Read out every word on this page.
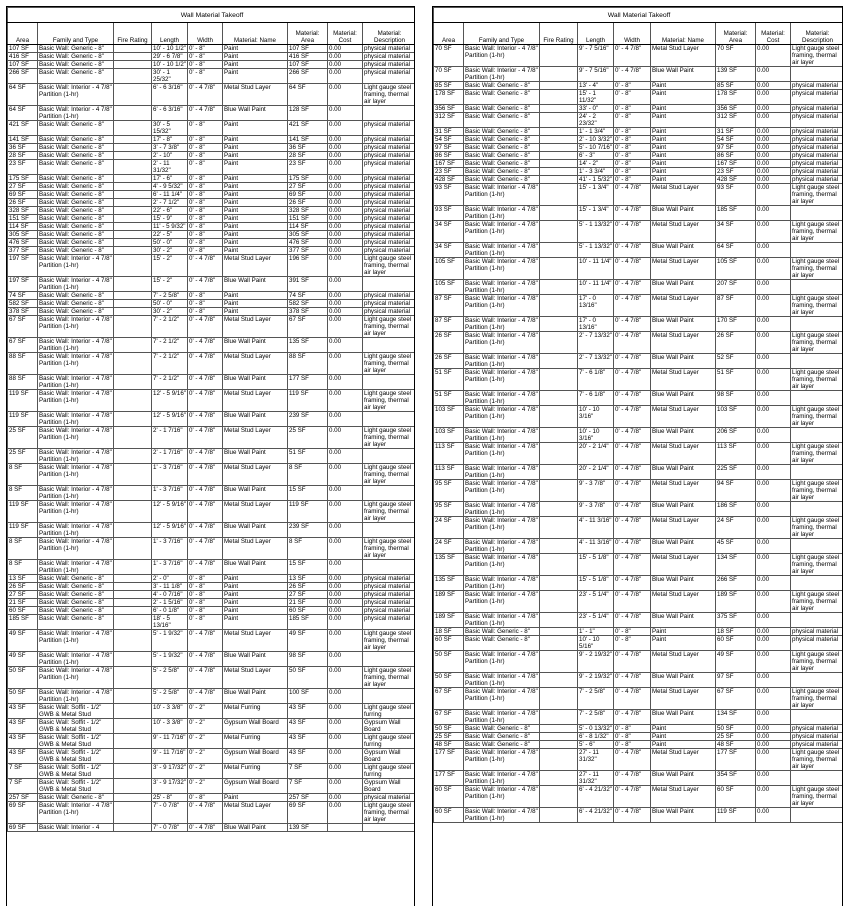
Wall Material Takeoff								
Area	Family and Type	Fire Rating	Length	Width	Material: Name	Material: Area	Material: Cost	Material: Description
107 SF	Basic Wall: Generic - 8"		10' - 10 1/2"	0' - 8"	Paint	107 SF	0.00	physical material
416 SF	Basic Wall: Generic - 8"		29' - 6 7/8"	0' - 8"	Paint	416 SF	0.00	physical material
107 SF	Basic Wall: Generic - 8"		10' - 10 1/2"	0' - 8"	Paint	107 SF	0.00	physical material
266 SF	Basic Wall: Generic - 8"		30' - 1 25/32"	0' - 8"	Paint	266 SF	0.00	physical material
64 SF	Basic Wall: Interior - 4 7/8" Partition (1-hr)		6' - 6 3/16"	0' - 4 7/8"	Metal Stud Layer	64 SF	0.00	Light gauge steel framing, thermal air layer
64 SF	Basic Wall: Interior - 4 7/8" Partition (1-hr)		6' - 6 3/16"	0' - 4 7/8"	Blue Wall Paint	128 SF	0.00	
421 SF	Basic Wall: Generic - 8"		30' - 5 15/32"	0' - 8"	Paint	421 SF	0.00	physical material
141 SF	Basic Wall: Generic - 8"		17' - 8"	0' - 8"	Paint	141 SF	0.00	physical material
36 SF	Basic Wall: Generic - 8"		3' - 7 3/8"	0' - 8"	Paint	36 SF	0.00	physical material
28 SF	Basic Wall: Generic - 8"		2' - 10"	0' - 8"	Paint	28 SF	0.00	physical material
23 SF	Basic Wall: Generic - 8"		2' - 11 31/32"	0' - 8"	Paint	23 SF	0.00	physical material
175 SF	Basic Wall: Generic - 8"		17' - 6"	0' - 8"	Paint	175 SF	0.00	physical material
27 SF	Basic Wall: Generic - 8"		4' - 9 5/32"	0' - 8"	Paint	27 SF	0.00	physical material
69 SF	Basic Wall: Generic - 8"		6' - 11 1/4"	0' - 8"	Paint	69 SF	0.00	physical material
26 SF	Basic Wall: Generic - 8"		2' - 7 1/2"	0' - 8"	Paint	26 SF	0.00	physical material
328 SF	Basic Wall: Generic - 8"		22' - 6"	0' - 8"	Paint	328 SF	0.00	physical material
151 SF	Basic Wall: Generic - 8"		15' - 9"	0' - 8"	Paint	151 SF	0.00	physical material
114 SF	Basic Wall: Generic - 8"		11' - 5 9/32"	0' - 8"	Paint	114 SF	0.00	physical material
305 SF	Basic Wall: Generic - 8"		22' - 5"	0' - 8"	Paint	305 SF	0.00	physical material
476 SF	Basic Wall: Generic - 8"		50' - 0"	0' - 8"	Paint	476 SF	0.00	physical material
377 SF	Basic Wall: Generic - 8"		30' - 2"	0' - 8"	Paint	377 SF	0.00	physical material
197 SF	Basic Wall: Interior - 4 7/8" Partition (1-hr)		15' - 2"	0' - 4 7/8"	Metal Stud Layer	196 SF	0.00	Light gauge steel framing, thermal air layer
197 SF	Basic Wall: Interior - 4 7/8" Partition (1-hr)		15' - 2"	0' - 4 7/8"	Blue Wall Paint	391 SF	0.00	
74 SF	Basic Wall: Generic - 8"		7' - 2 5/8"	0' - 8"	Paint	74 SF	0.00	physical material
582 SF	Basic Wall: Generic - 8"		50' - 0"	0' - 8"	Paint	582 SF	0.00	physical material
378 SF	Basic Wall: Generic - 8"		30' - 2"	0' - 8"	Paint	378 SF	0.00	physical material
67 SF	Basic Wall: Interior - 4 7/8" Partition (1-hr)		7' - 2 1/2"	0' - 4 7/8"	Metal Stud Layer	67 SF	0.00	Light gauge steel framing, thermal air layer
67 SF	Basic Wall: Interior - 4 7/8" Partition (1-hr)		7' - 2 1/2"	0' - 4 7/8"	Blue Wall Paint	135 SF	0.00	
88 SF	Basic Wall: Interior - 4 7/8" Partition (1-hr)		7' - 2 1/2"	0' - 4 7/8"	Metal Stud Layer	88 SF	0.00	Light gauge steel framing, thermal air layer
88 SF	Basic Wall: Interior - 4 7/8" Partition (1-hr)		7' - 2 1/2"	0' - 4 7/8"	Blue Wall Paint	177 SF	0.00	
119 SF	Basic Wall: Interior - 4 7/8" Partition (1-hr)		12' - 5 9/16"	0' - 4 7/8"	Metal Stud Layer	119 SF	0.00	Light gauge steel framing, thermal air layer
119 SF	Basic Wall: Interior - 4 7/8" Partition (1-hr)		12' - 5 9/16"	0' - 4 7/8"	Blue Wall Paint	239 SF	0.00	
25 SF	Basic Wall: Interior - 4 7/8" Partition (1-hr)		2' - 1 7/16"	0' - 4 7/8"	Metal Stud Layer	25 SF	0.00	Light gauge steel framing, thermal air layer
25 SF	Basic Wall: Interior - 4 7/8" Partition (1-hr)		2' - 1 7/16"	0' - 4 7/8"	Blue Wall Paint	51 SF	0.00	
8 SF	Basic Wall: Interior - 4 7/8" Partition (1-hr)		1' - 3 7/16"	0' - 4 7/8"	Metal Stud Layer	8 SF	0.00	Light gauge steel framing, thermal air layer
8 SF	Basic Wall: Interior - 4 7/8" Partition (1-hr)		1' - 3 7/16"	0' - 4 7/8"	Blue Wall Paint	15 SF	0.00	
119 SF	Basic Wall: Interior - 4 7/8" Partition (1-hr)		12' - 5 9/16"	0' - 4 7/8"	Metal Stud Layer	119 SF	0.00	Light gauge steel framing, thermal air layer
119 SF	Basic Wall: Interior - 4 7/8" Partition (1-hr)		12' - 5 9/16"	0' - 4 7/8"	Blue Wall Paint	239 SF	0.00	
8 SF	Basic Wall: Interior - 4 7/8" Partition (1-hr)		1' - 3 7/16"	0' - 4 7/8"	Metal Stud Layer	8 SF	0.00	Light gauge steel framing, thermal air layer
8 SF	Basic Wall: Interior - 4 7/8" Partition (1-hr)		1' - 3 7/16"	0' - 4 7/8"	Blue Wall Paint	15 SF	0.00	
13 SF	Basic Wall: Generic - 8"		2' - 0"	0' - 8"	Paint	13 SF	0.00	physical material
26 SF	Basic Wall: Generic - 8"		3' - 11 1/8"	0' - 8"	Paint	26 SF	0.00	physical material
27 SF	Basic Wall: Generic - 8"		4' - 0 7/16"	0' - 8"	Paint	27 SF	0.00	physical material
21 SF	Basic Wall: Generic - 8"		2' - 1 5/16"	0' - 8"	Paint	21 SF	0.00	physical material
60 SF	Basic Wall: Generic - 8"		6' - 0 1/8"	0' - 8"	Paint	60 SF	0.00	physical material
185 SF	Basic Wall: Generic - 8"		18' - 5 13/16"	0' - 8"	Paint	185 SF	0.00	physical material
49 SF	Basic Wall: Interior - 4 7/8" Partition (1-hr)		5' - 1 9/32"	0' - 4 7/8"	Metal Stud Layer	49 SF	0.00	Light gauge steel framing, thermal air layer
49 SF	Basic Wall: Interior - 4 7/8" Partition (1-hr)		5' - 1 9/32"	0' - 4 7/8"	Blue Wall Paint	98 SF	0.00	
50 SF	Basic Wall: Interior - 4 7/8" Partition (1-hr)		5' - 2 5/8"	0' - 4 7/8"	Metal Stud Layer	50 SF	0.00	Light gauge steel framing, thermal air layer
50 SF	Basic Wall: Interior - 4 7/8" Partition (1-hr)		5' - 2 5/8"	0' - 4 7/8"	Blue Wall Paint	100 SF	0.00	
43 SF	Basic Wall: Soffit - 1/2" GWB & Metal Stud		10' - 3 3/8"	0' - 2"	Metal Furring	43 SF	0.00	Light gauge steel furring
43 SF	Basic Wall: Soffit - 1/2" GWB & Metal Stud		10' - 3 3/8"	0' - 2"	Gypsum Wall Board	43 SF	0.00	Gypsum Wall Board
43 SF	Basic Wall: Soffit - 1/2" GWB & Metal Stud		9' - 11 7/16"	0' - 2"	Metal Furring	43 SF	0.00	Light gauge steel furring
43 SF	Basic Wall: Soffit - 1/2" GWB & Metal Stud		9' - 11 7/16"	0' - 2"	Gypsum Wall Board	43 SF	0.00	Gypsum Wall Board
7 SF	Basic Wall: Soffit - 1/2" GWB & Metal Stud		3' - 9 17/32"	0' - 2"	Metal Furring	7 SF	0.00	Light gauge steel furring
7 SF	Basic Wall: Soffit - 1/2" GWB & Metal Stud		3' - 9 17/32"	0' - 2"	Gypsum Wall Board	7 SF	0.00	Gypsum Wall Board
257 SF	Basic Wall: Generic - 8"		25' - 8"	0' - 8"	Paint	257 SF	0.00	physical material
69 SF	Basic Wall: Interior - 4 7/8" Partition (1-hr)		7' - 0 7/8"	0' - 4 7/8"	Metal Stud Layer	69 SF	0.00	Light gauge steel framing, thermal air layer
69 SF	Basic Wall: Interior - 4		7' - 0 7/8"	0' - 4 7/8"	Blue Wall Paint	139 SF		
Wall Material Takeoff								
Area	Family and Type	Fire Rating	Length	Width	Material: Name	Material: Area	Material: Cost	Material: Description
70 SF	Basic Wall: Interior - 4 7/8" Partition (1-hr)		9' - 7 5/16"	0' - 4 7/8"	Metal Stud Layer	70 SF	0.00	Light gauge steel framing, thermal air layer
70 SF	Basic Wall: Interior - 4 7/8" Partition (1-hr)		9' - 7 5/16"	0' - 4 7/8"	Blue Wall Paint	139 SF	0.00	
85 SF	Basic Wall: Generic - 8"		13' - 4"	0' - 8"	Paint	85 SF	0.00	physical material
178 SF	Basic Wall: Generic - 8"		15' - 1 11/32"	0' - 8"	Paint	178 SF	0.00	physical material
356 SF	Basic Wall: Generic - 8"		33' - 0"	0' - 8"	Paint	356 SF	0.00	physical material
312 SF	Basic Wall: Generic - 8"		24' - 2 23/32"	0' - 8"	Paint	312 SF	0.00	physical material
31 SF	Basic Wall: Generic - 8"		1' - 1 3/4"	0' - 8"	Paint	31 SF	0.00	physical material
54 SF	Basic Wall: Generic - 8"		2' - 10 3/32"	0' - 8"	Paint	54 SF	0.00	physical material
97 SF	Basic Wall: Generic - 8"		5' - 10 7/16"	0' - 8"	Paint	97 SF	0.00	physical material
86 SF	Basic Wall: Generic - 8"		6' - 3"	0' - 8"	Paint	86 SF	0.00	physical material
167 SF	Basic Wall: Generic - 8"		14' - 2"	0' - 8"	Paint	167 SF	0.00	physical material
23 SF	Basic Wall: Generic - 8"		1' - 3 3/4"	0' - 8"	Paint	23 SF	0.00	physical material
428 SF	Basic Wall: Generic - 8"		41' - 1 5/32"	0' - 8"	Paint	428 SF	0.00	physical material
93 SF	Basic Wall: Interior - 4 7/8" Partition (1-hr)		15' - 1 3/4"	0' - 4 7/8"	Metal Stud Layer	93 SF	0.00	Light gauge steel framing, thermal air layer
93 SF	Basic Wall: Interior - 4 7/8" Partition (1-hr)		15' - 1 3/4"	0' - 4 7/8"	Blue Wall Paint	185 SF	0.00	
34 SF	Basic Wall: Interior - 4 7/8" Partition (1-hr)		5' - 1 13/32"	0' - 4 7/8"	Metal Stud Layer	34 SF	0.00	Light gauge steel framing, thermal air layer
34 SF	Basic Wall: Interior - 4 7/8" Partition (1-hr)		5' - 1 13/32"	0' - 4 7/8"	Blue Wall Paint	64 SF	0.00	
105 SF	Basic Wall: Interior - 4 7/8" Partition (1-hr)		10' - 11 1/4"	0' - 4 7/8"	Metal Stud Layer	105 SF	0.00	Light gauge steel framing, thermal air layer
105 SF	Basic Wall: Interior - 4 7/8" Partition (1-hr)		10' - 11 1/4"	0' - 4 7/8"	Blue Wall Paint	207 SF	0.00	
87 SF	Basic Wall: Interior - 4 7/8" Partition (1-hr)		17' - 0 13/16"	0' - 4 7/8"	Metal Stud Layer	87 SF	0.00	Light gauge steel framing, thermal air layer
87 SF	Basic Wall: Interior - 4 7/8" Partition (1-hr)		17' - 0 13/16"	0' - 4 7/8"	Blue Wall Paint	170 SF	0.00	
26 SF	Basic Wall: Interior - 4 7/8" Partition (1-hr)		2' - 7 13/32"	0' - 4 7/8"	Metal Stud Layer	26 SF	0.00	Light gauge steel framing, thermal air layer
26 SF	Basic Wall: Interior - 4 7/8" Partition (1-hr)		2' - 7 13/32"	0' - 4 7/8"	Blue Wall Paint	52 SF	0.00	
51 SF	Basic Wall: Interior - 4 7/8" Partition (1-hr)		7' - 6 1/8"	0' - 4 7/8"	Metal Stud Layer	51 SF	0.00	Light gauge steel framing, thermal air layer
51 SF	Basic Wall: Interior - 4 7/8" Partition (1-hr)		7' - 6 1/8"	0' - 4 7/8"	Blue Wall Paint	98 SF	0.00	
103 SF	Basic Wall: Interior - 4 7/8" Partition (1-hr)		10' - 10 3/16"	0' - 4 7/8"	Metal Stud Layer	103 SF	0.00	Light gauge steel framing, thermal air layer
103 SF	Basic Wall: Interior - 4 7/8" Partition (1-hr)		10' - 10 3/16"	0' - 4 7/8"	Blue Wall Paint	206 SF	0.00	
113 SF	Basic Wall: Interior - 4 7/8" Partition (1-hr)		20' - 2 1/4"	0' - 4 7/8"	Metal Stud Layer	113 SF	0.00	Light gauge steel framing, thermal air layer
113 SF	Basic Wall: Interior - 4 7/8" Partition (1-hr)		20' - 2 1/4"	0' - 4 7/8"	Blue Wall Paint	225 SF	0.00	
95 SF	Basic Wall: Interior - 4 7/8" Partition (1-hr)		9' - 3 7/8"	0' - 4 7/8"	Metal Stud Layer	94 SF	0.00	Light gauge steel framing, thermal air layer
95 SF	Basic Wall: Interior - 4 7/8" Partition (1-hr)		9' - 3 7/8"	0' - 4 7/8"	Blue Wall Paint	186 SF	0.00	
24 SF	Basic Wall: Interior - 4 7/8" Partition (1-hr)		4' - 11 3/16"	0' - 4 7/8"	Metal Stud Layer	24 SF	0.00	Light gauge steel framing, thermal air layer
24 SF	Basic Wall: Interior - 4 7/8" Partition (1-hr)		4' - 11 3/16"	0' - 4 7/8"	Blue Wall Paint	45 SF	0.00	
135 SF	Basic Wall: Interior - 4 7/8" Partition (1-hr)		15' - 5 1/8"	0' - 4 7/8"	Metal Stud Layer	134 SF	0.00	Light gauge steel framing, thermal air layer
135 SF	Basic Wall: Interior - 4 7/8" Partition (1-hr)		15' - 5 1/8"	0' - 4 7/8"	Blue Wall Paint	266 SF	0.00	
189 SF	Basic Wall: Interior - 4 7/8" Partition (1-hr)		23' - 5 1/4"	0' - 4 7/8"	Metal Stud Layer	189 SF	0.00	Light gauge steel framing, thermal air layer
189 SF	Basic Wall: Interior - 4 7/8" Partition (1-hr)		23' - 5 1/4"	0' - 4 7/8"	Blue Wall Paint	375 SF	0.00	
18 SF	Basic Wall: Generic - 8"		1' - 1"	0' - 8"	Paint	18 SF	0.00	physical material
60 SF	Basic Wall: Generic - 8"		10' - 10 5/16"	0' - 8"	Paint	60 SF	0.00	physical material
50 SF	Basic Wall: Interior - 4 7/8" Partition (1-hr)		9' - 2 19/32"	0' - 4 7/8"	Metal Stud Layer	49 SF	0.00	Light gauge steel framing, thermal air layer
50 SF	Basic Wall: Interior - 4 7/8" Partition (1-hr)		9' - 2 19/32"	0' - 4 7/8"	Blue Wall Paint	97 SF	0.00	
67 SF	Basic Wall: Interior - 4 7/8" Partition (1-hr)		7' - 2 5/8"	0' - 4 7/8"	Metal Stud Layer	67 SF	0.00	Light gauge steel framing, thermal air layer
67 SF	Basic Wall: Interior - 4 7/8" Partition (1-hr)		7' - 2 5/8"	0' - 4 7/8"	Blue Wall Paint	134 SF	0.00	
50 SF	Basic Wall: Generic - 8"		5' - 0 13/32"	0' - 8"	Paint	50 SF	0.00	physical material
25 SF	Basic Wall: Generic - 8"		6' - 8 1/32"	0' - 8"	Paint	25 SF	0.00	physical material
48 SF	Basic Wall: Generic - 8"		5' - 6"	0' - 8"	Paint	48 SF	0.00	physical material
177 SF	Basic Wall: Interior - 4 7/8" Partition (1-hr)		27' - 11 31/32"	0' - 4 7/8"	Metal Stud Layer	177 SF	0.00	Light gauge steel framing, thermal air layer
177 SF	Basic Wall: Interior - 4 7/8" Partition (1-hr)		27' - 11 31/32"	0' - 4 7/8"	Blue Wall Paint	354 SF	0.00	
60 SF	Basic Wall: Interior - 4 7/8" Partition (1-hr)		6' - 4 21/32"	0' - 4 7/8"	Metal Stud Layer	60 SF	0.00	Light gauge steel framing, thermal air layer
60 SF	Basic Wall: Interior - 4 7/8" Partition (1-hr)		6' - 4 21/32"	0' - 4 7/8"	Blue Wall Paint	119 SF	0.00	
